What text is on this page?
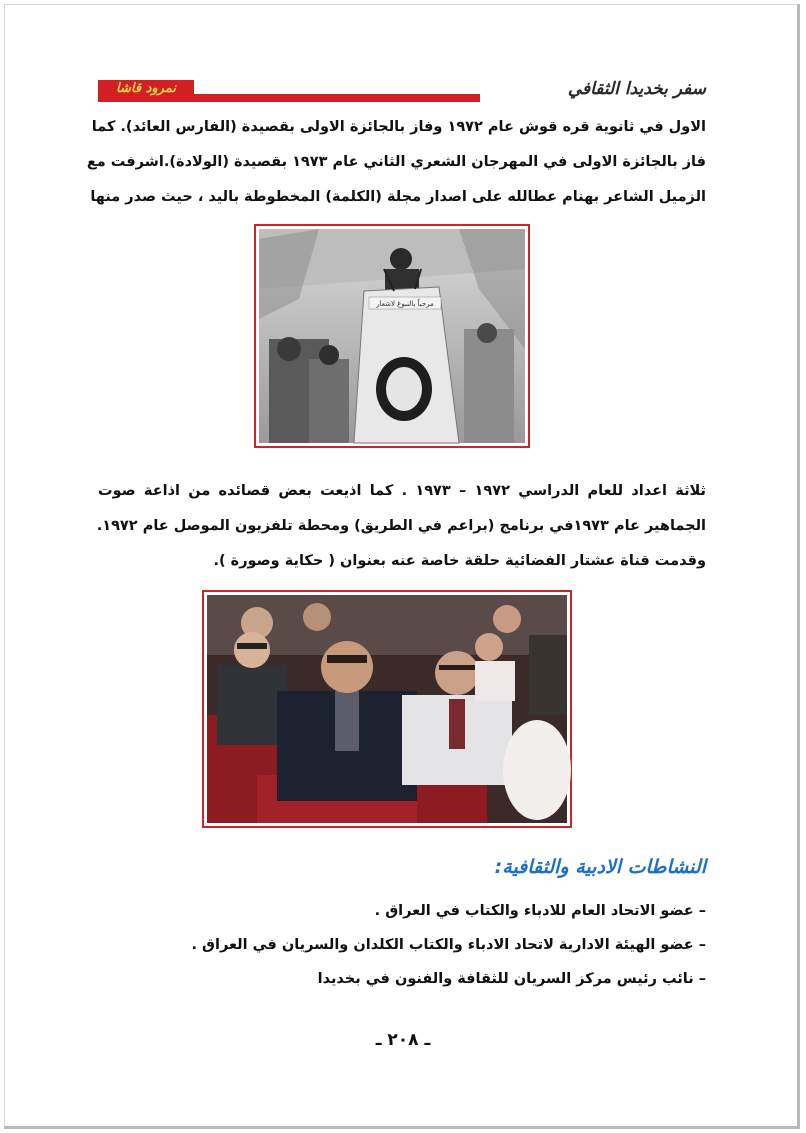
نمرود قاشا	سفر بخديدا الثقافي
الاول في ثانوية قره قوش عام ١٩٧٢ وفاز بالجائزة الاولى بقصيدة (الفارس العائد). كما
فاز بالجائزة الاولى في المهرجان الشعري الثاني عام ١٩٧٣ بقصيدة (الولادة).اشرفت مع
الزميل الشاعر بهنام عطالله على اصدار مجلة (الكلمة) المخطوطة باليد ، حيث صدر منها
مرحباً بالنبوغ لاشعار
ثلاثة اعداد للعام الدراسي ١٩٧٢ – ١٩٧٣ . كما اذيعت بعض قصائده من اذاعة صوت
الجماهير عام ١٩٧٣في برنامج (براعم في الطريق) ومحطة تلفزيون الموصل عام ١٩٧٢.
وقدمت قناة عشتار الفضائية حلقة خاصة عنه بعنوان ( حكاية وصورة ).
النشاطات الادبية والثقافية:
– عضو الاتحاد العام للادباء والكتاب في العراق .
– عضو الهيئة الادارية لاتحاد الادباء والكتاب الكلدان والسريان في العراق .
– نائب رئيس مركز السريان للثقافة والفنون في بخديدا
ـ ٢٠٨ ـ
